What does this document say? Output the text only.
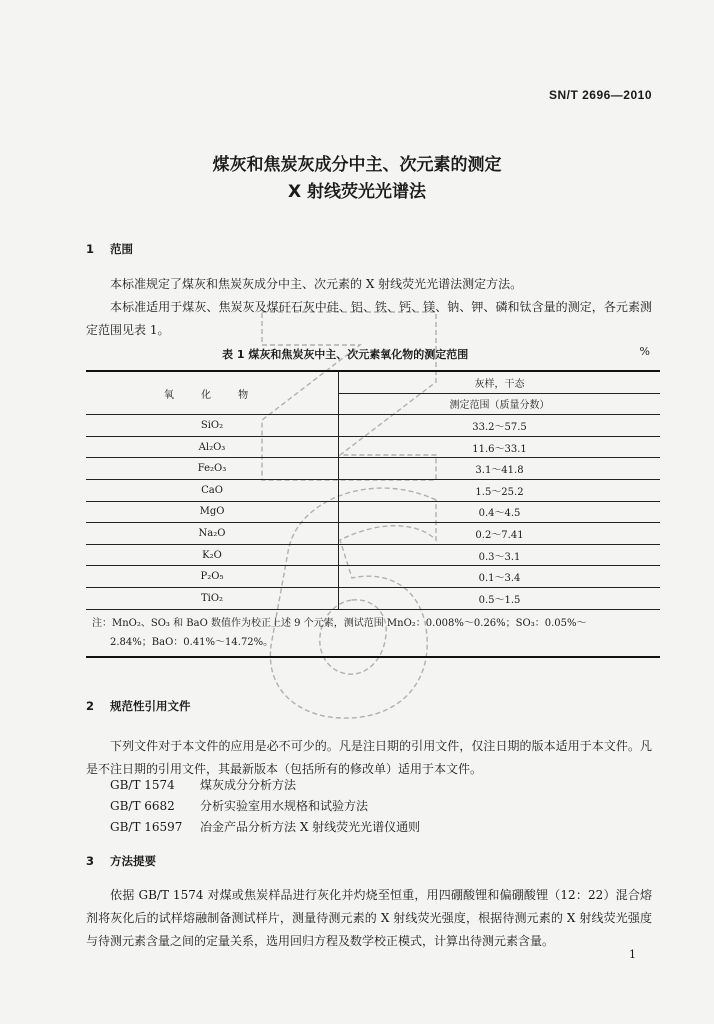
SN/T 2696—2010
煤灰和焦炭灰成分中主、次元素的测定
X 射线荧光光谱法
1 范围
本标准规定了煤灰和焦炭灰成分中主、次元素的 X 射线荧光光谱法测定方法。
本标准适用于煤灰、焦炭灰及煤矸石灰中硅、铝、铁、钙、镁、钠、钾、磷和钛含量的测定，各元素测定范围见表 1。
表 1 煤灰和焦炭灰中主、次元素氧化物的测定范围	%
氧 化 物	灰样，干态
	测定范围（质量分数）
SiO₂	33.2～57.5
Al₂O₃	11.6～33.1
Fe₂O₃	3.1～41.8
CaO	1.5～25.2
MgO	0.4～4.5
Na₂O	0.2～7.41
K₂O	0.3～3.1
P₂O₅	0.1～3.4
TiO₂	0.5～1.5

注：MnO₂、SO₃ 和 BaO 数值作为校正上述 9 个元素，测试范围 MnO₂：0.008%～0.26%；SO₃：0.05%～
2.84%；BaO：0.41%～14.72%。	
2 规范性引用文件
下列文件对于本文件的应用是必不可少的。凡是注日期的引用文件，仅注日期的版本适用于本文件。凡是不注日期的引用文件，其最新版本（包括所有的修改单）适用于本文件。
GB/T 1574 煤灰成分分析方法
GB/T 6682 分析实验室用水规格和试验方法
GB/T 16597 冶金产品分析方法 X 射线荧光光谱仪通则
3 方法提要
依据 GB/T 1574 对煤或焦炭样品进行灰化并灼烧至恒重，用四硼酸锂和偏硼酸锂（12：22）混合熔剂将灰化后的试样熔融制备测试样片，测量待测元素的 X 射线荧光强度，根据待测元素的 X 射线荧光强度与待测元素含量之间的定量关系，选用回归方程及数学校正模式，计算出待测元素含量。
1
